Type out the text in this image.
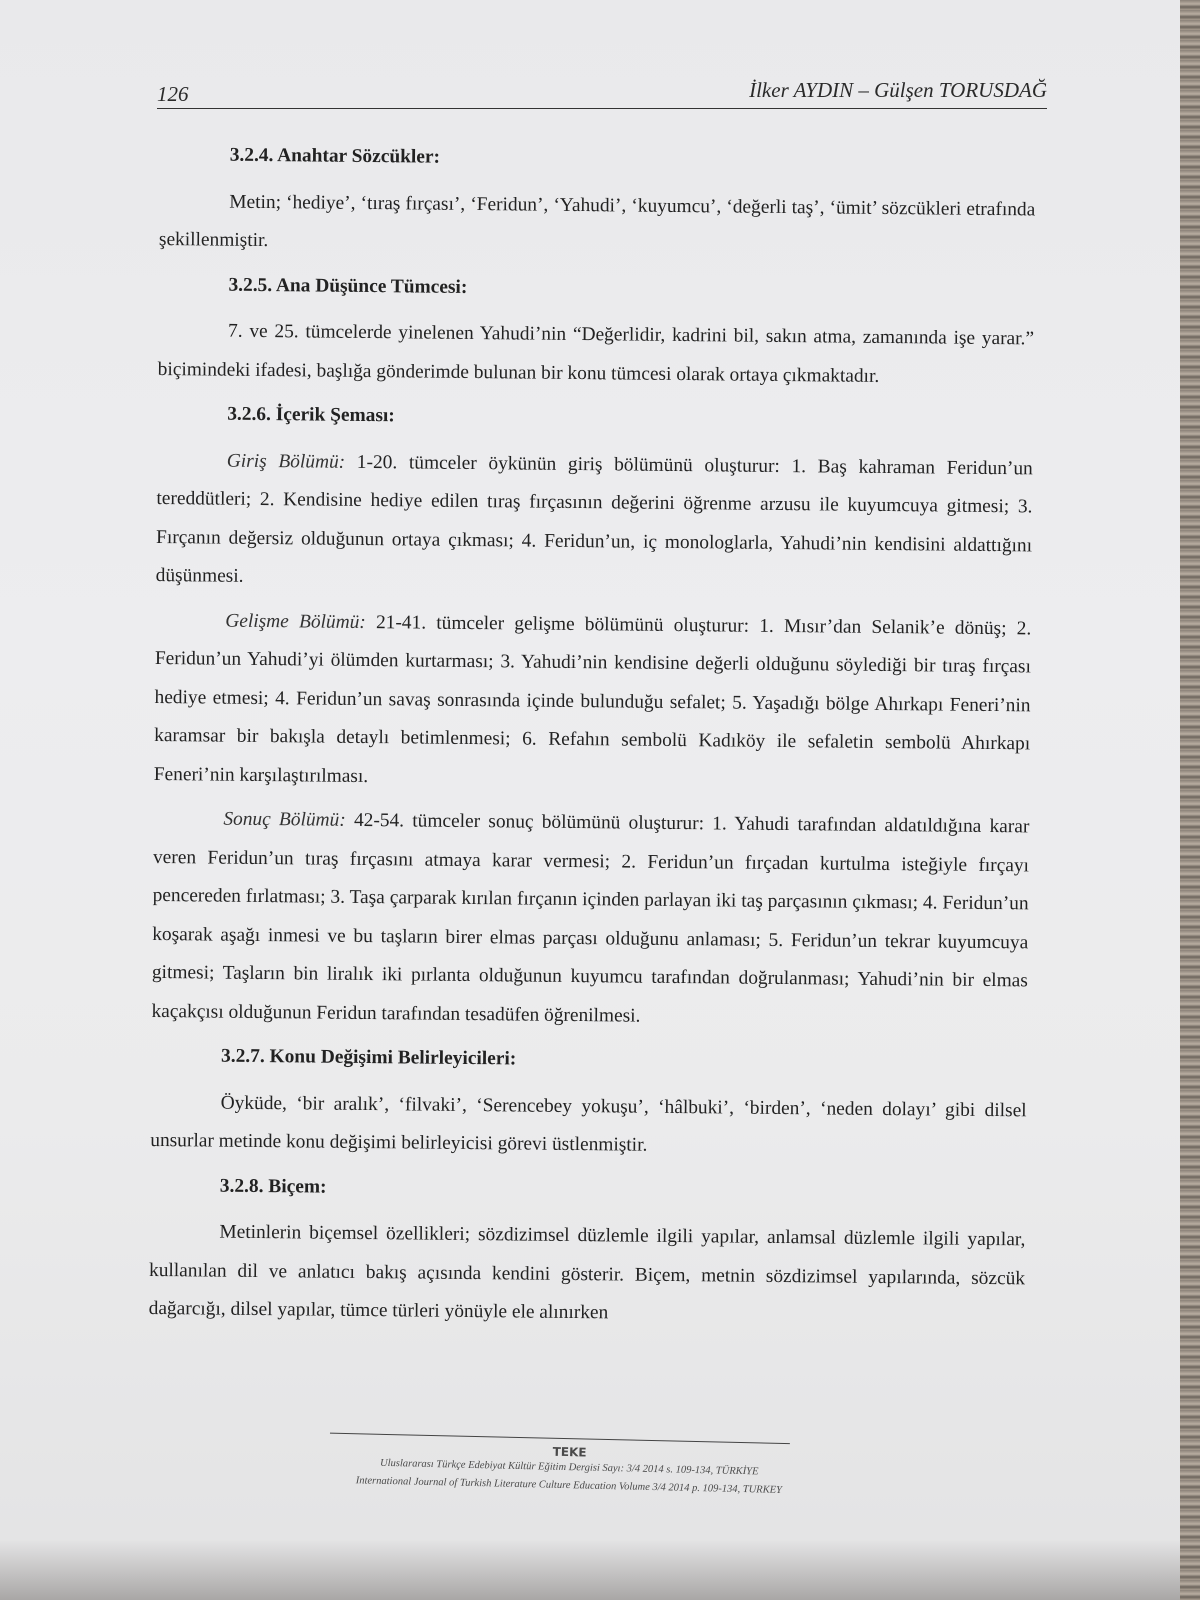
126	İlker AYDIN – Gülşen TORUSDAĞ
3.2.4. Anahtar Sözcükler:
Metin; ‘hediye’, ‘tıraş fırçası’, ‘Feridun’, ‘Yahudi’, ‘kuyumcu’, ‘değerli taş’, ‘ümit’ sözcükleri etrafında şekillenmiştir.
3.2.5. Ana Düşünce Tümcesi:
7. ve 25. tümcelerde yinelenen Yahudi’nin “Değerlidir, kadrini bil, sakın atma, zamanında işe yarar.” biçimindeki ifadesi, başlığa gönderimde bulunan bir konu tümcesi olarak ortaya çıkmaktadır.
3.2.6. İçerik Şeması:
Giriş Bölümü: 1-20. tümceler öykünün giriş bölümünü oluşturur: 1. Baş kahraman Feridun’un tereddütleri; 2. Kendisine hediye edilen tıraş fırçasının değerini öğrenme arzusu ile kuyumcuya gitmesi; 3. Fırçanın değersiz olduğunun ortaya çıkması; 4. Feridun’un, iç monologlarla, Yahudi’nin kendisini aldattığını düşünmesi.
Gelişme Bölümü: 21-41. tümceler gelişme bölümünü oluşturur: 1. Mısır’dan Selanik’e dönüş; 2. Feridun’un Yahudi’yi ölümden kurtarması; 3. Yahudi’nin kendisine değerli olduğunu söylediği bir tıraş fırçası hediye etmesi; 4. Feridun’un savaş sonrasında içinde bulunduğu sefalet; 5. Yaşadığı bölge Ahırkapı Feneri’nin karamsar bir bakışla detaylı betimlenmesi; 6. Refahın sembolü Kadıköy ile sefaletin sembolü Ahırkapı Feneri’nin karşılaştırılması.
Sonuç Bölümü: 42-54. tümceler sonuç bölümünü oluşturur: 1. Yahudi tarafından aldatıldığına karar veren Feridun’un tıraş fırçasını atmaya karar vermesi; 2. Feridun’un fırçadan kurtulma isteğiyle fırçayı pencereden fırlatması; 3. Taşa çarparak kırılan fırçanın içinden parlayan iki taş parçasının çıkması; 4. Feridun’un koşarak aşağı inmesi ve bu taşların birer elmas parçası olduğunu anlaması; 5. Feridun’un tekrar kuyumcuya gitmesi; Taşların bin liralık iki pırlanta olduğunun kuyumcu tarafından doğrulanması; Yahudi’nin bir elmas kaçakçısı olduğunun Feridun tarafından tesadüfen öğrenilmesi.
3.2.7. Konu Değişimi Belirleyicileri:
Öyküde, ‘bir aralık’, ‘filvaki’, ‘Serencebey yokuşu’, ‘hâlbuki’, ‘birden’, ‘neden dolayı’ gibi dilsel unsurlar metinde konu değişimi belirleyicisi görevi üstlenmiştir.
3.2.8. Biçem:
Metinlerin biçemsel özellikleri; sözdizimsel düzlemle ilgili yapılar, anlamsal düzlemle ilgili yapılar, kullanılan dil ve anlatıcı bakış açısında kendini gösterir. Biçem, metnin sözdizimsel yapılarında, sözcük dağarcığı, dilsel yapılar, tümce türleri yönüyle ele alınırken
TEKE
Uluslararası Türkçe Edebiyat Kültür Eğitim Dergisi Sayı: 3/4 2014 s. 109-134, TÜRKİYE
International Journal of Turkish Literature Culture Education Volume 3/4 2014 p. 109-134, TURKEY
